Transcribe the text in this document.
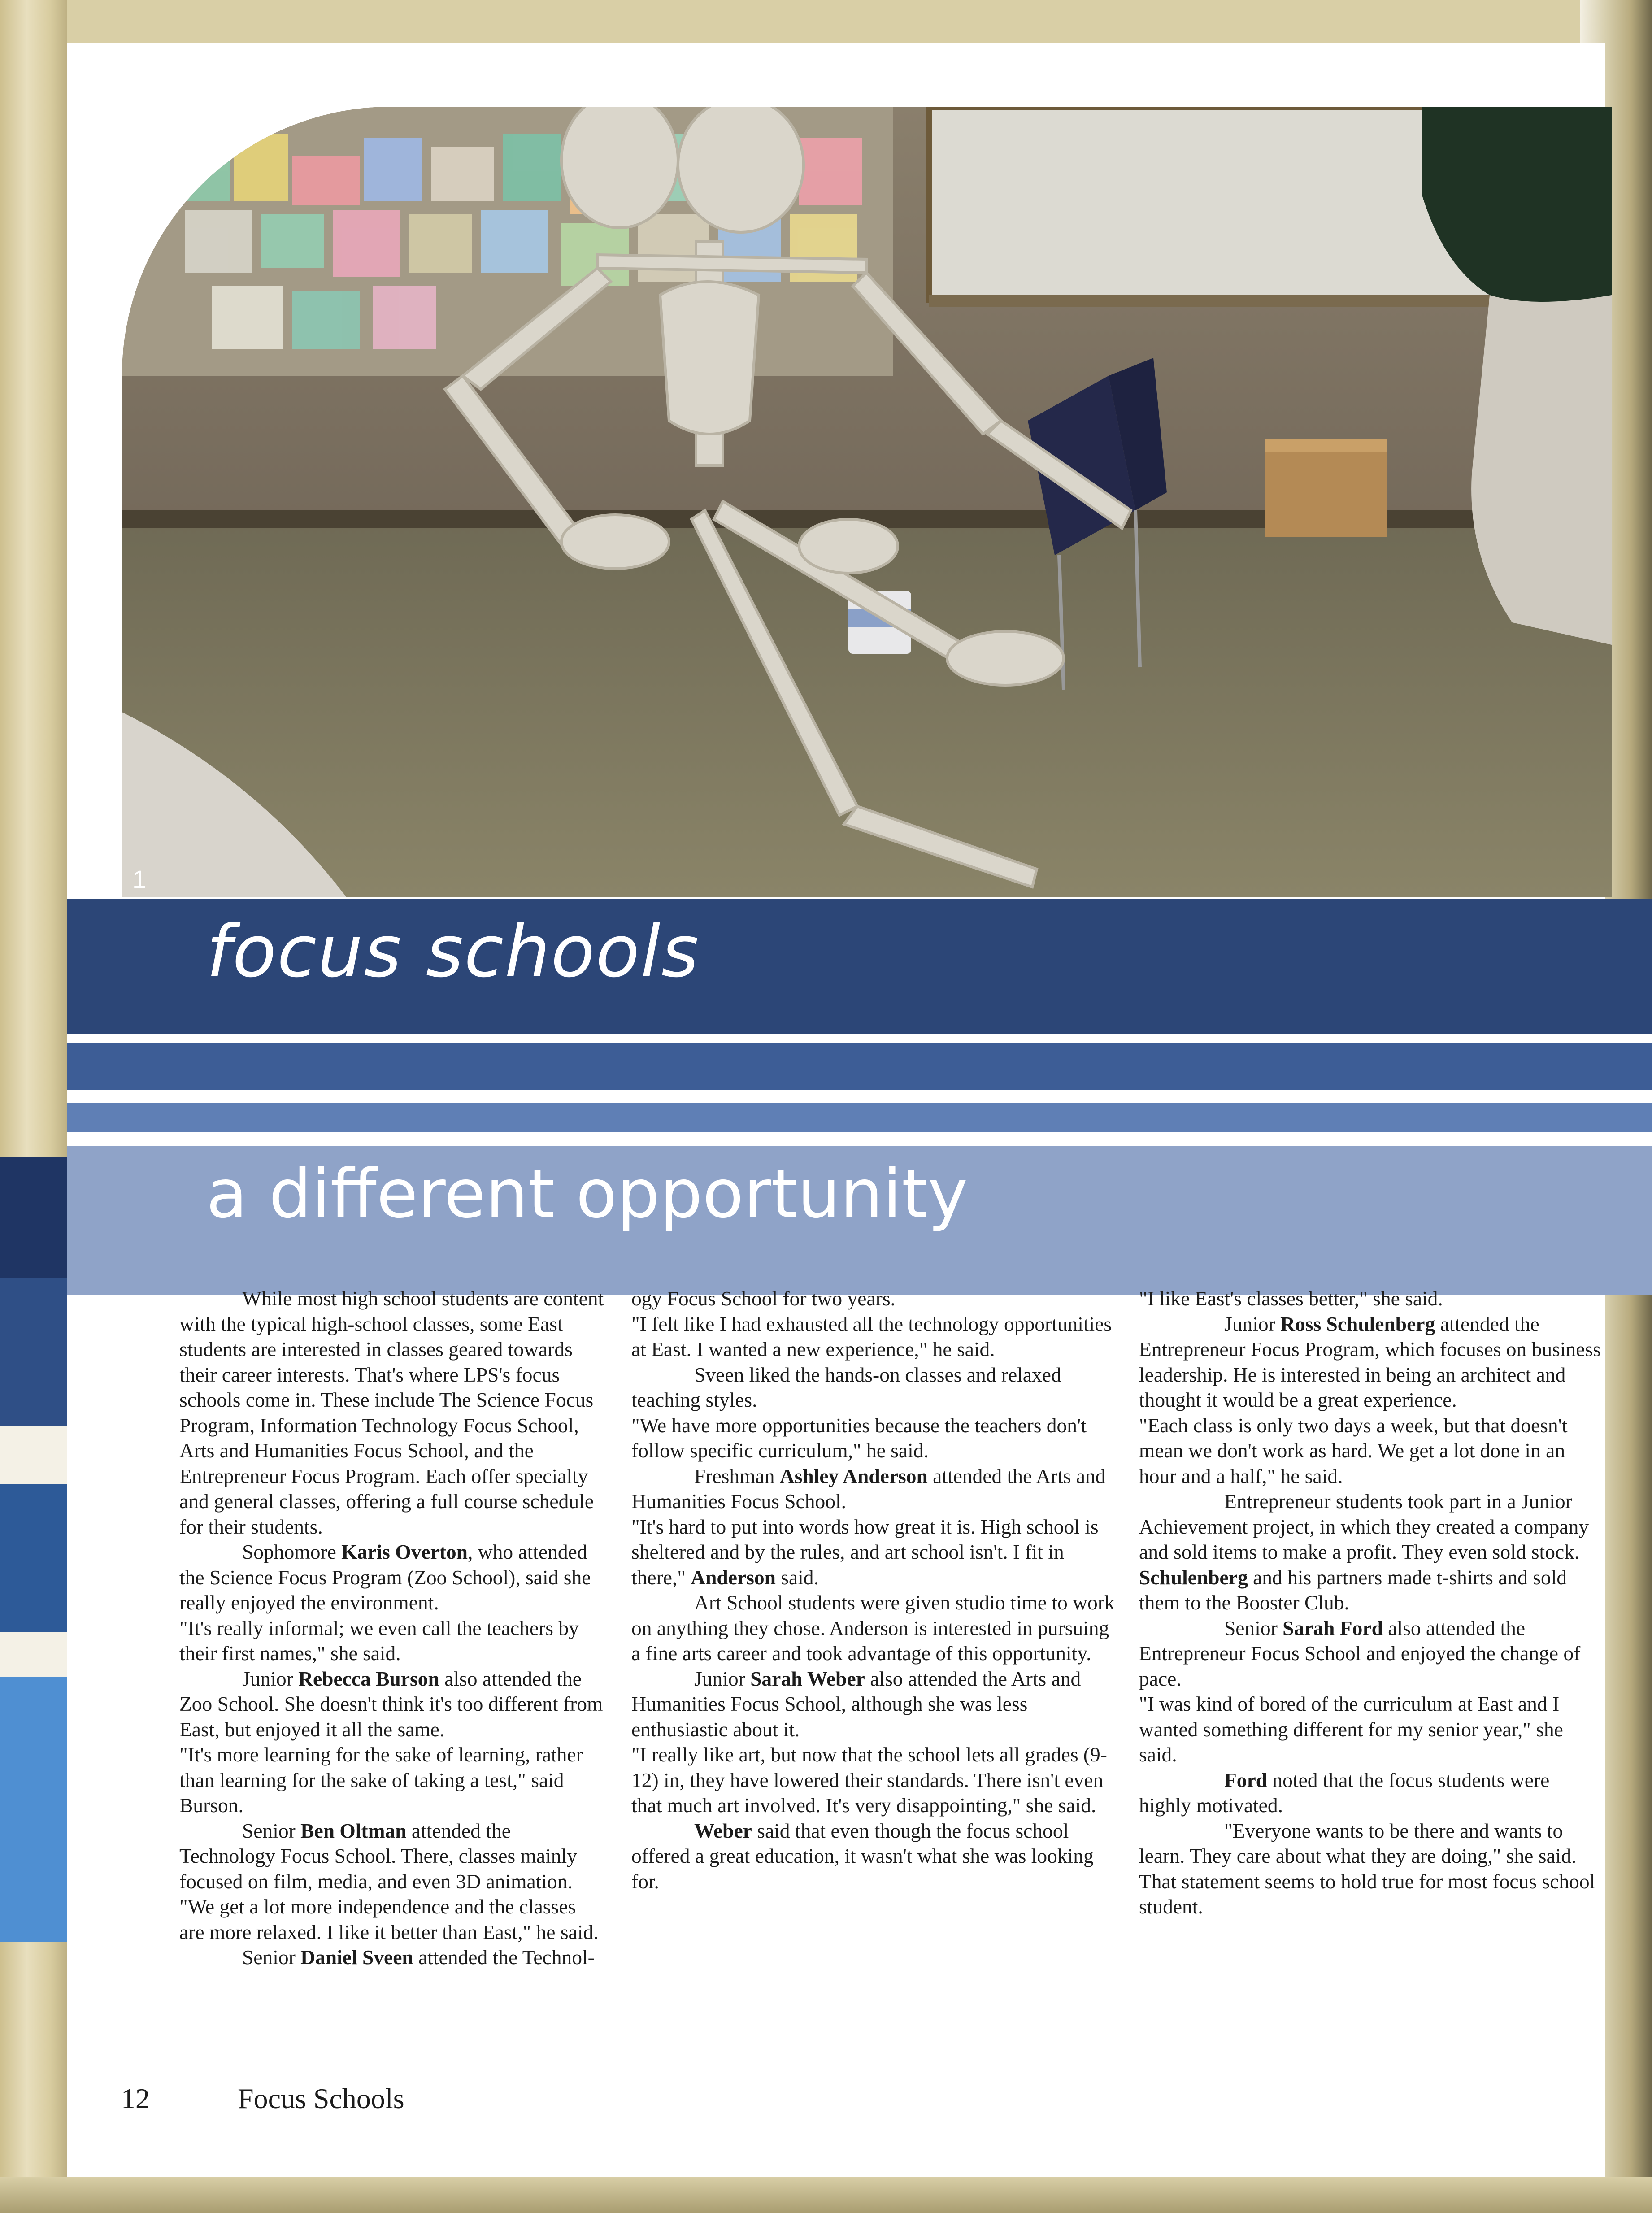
1
focus schools
a different opportunity

While most high school students are content with the typical high-school classes, some East students are interested in classes geared towards their career interests. That's where LPS's focus schools come in. These include The Science Focus Program, Information Technology Focus School, Arts and Humanities Focus School, and the Entrepreneur Focus Program. Each offer specialty and general classes, offering a full course schedule for their students.

Sophomore Karis Overton, who attended the Science Focus Program (Zoo School), said she really enjoyed the environment.

"It's really informal; we even call the teachers by their first names," she said.

Junior Rebecca Burson also attended the Zoo School. She doesn't think it's too different from East, but enjoyed it all the same.

"It's more learning for the sake of learning, rather than learning for the sake of taking a test," said Burson.

Senior Ben Oltman attended the Technology Focus School. There, classes mainly focused on film, media, and even 3D animation.

"We get a lot more independence and the classes are more relaxed. I like it better than East," he said.

Senior Daniel Sveen attended the Technol-

ogy Focus School for two years.

"I felt like I had exhausted all the technology opportunities at East. I wanted a new experience," he said.

Sveen liked the hands-on classes and relaxed teaching styles.

"We have more opportunities because the teachers don't follow specific curriculum," he said.

Freshman Ashley Anderson attended the Arts and Humanities Focus School.

"It's hard to put into words how great it is. High school is sheltered and by the rules, and art school isn't. I fit in there," Anderson said.

Art School students were given studio time to work on anything they chose. Anderson is interested in pursuing a fine arts career and took advantage of this opportunity.

Junior Sarah Weber also attended the Arts and Humanities Focus School, although she was less enthusiastic about it.

"I really like art, but now that the school lets all grades (9-12) in, they have lowered their standards. There isn't even that much art involved. It's very disappointing," she said.

Weber said that even though the focus school offered a great education, it wasn't what she was looking for.

"I like East's classes better," she said.

Junior Ross Schulenberg attended the Entrepreneur Focus Program, which focuses on business leadership. He is interested in being an architect and thought it would be a great experience.

"Each class is only two days a week, but that doesn't mean we don't work as hard. We get a lot done in an hour and a half," he said.

Entrepreneur students took part in a Junior Achievement project, in which they created a company and sold items to make a profit. They even sold stock. Schulenberg and his partners made t-shirts and sold them to the Booster Club.

Senior Sarah Ford also attended the Entrepreneur Focus School and enjoyed the change of pace.

"I was kind of bored of the curriculum at East and I wanted something different for my senior year," she said.

Ford noted that the focus students were highly motivated.

"Everyone wants to be there and wants to learn. They care about what they are doing," she said. That statement seems to hold true for most focus school student.

12	Focus Schools
